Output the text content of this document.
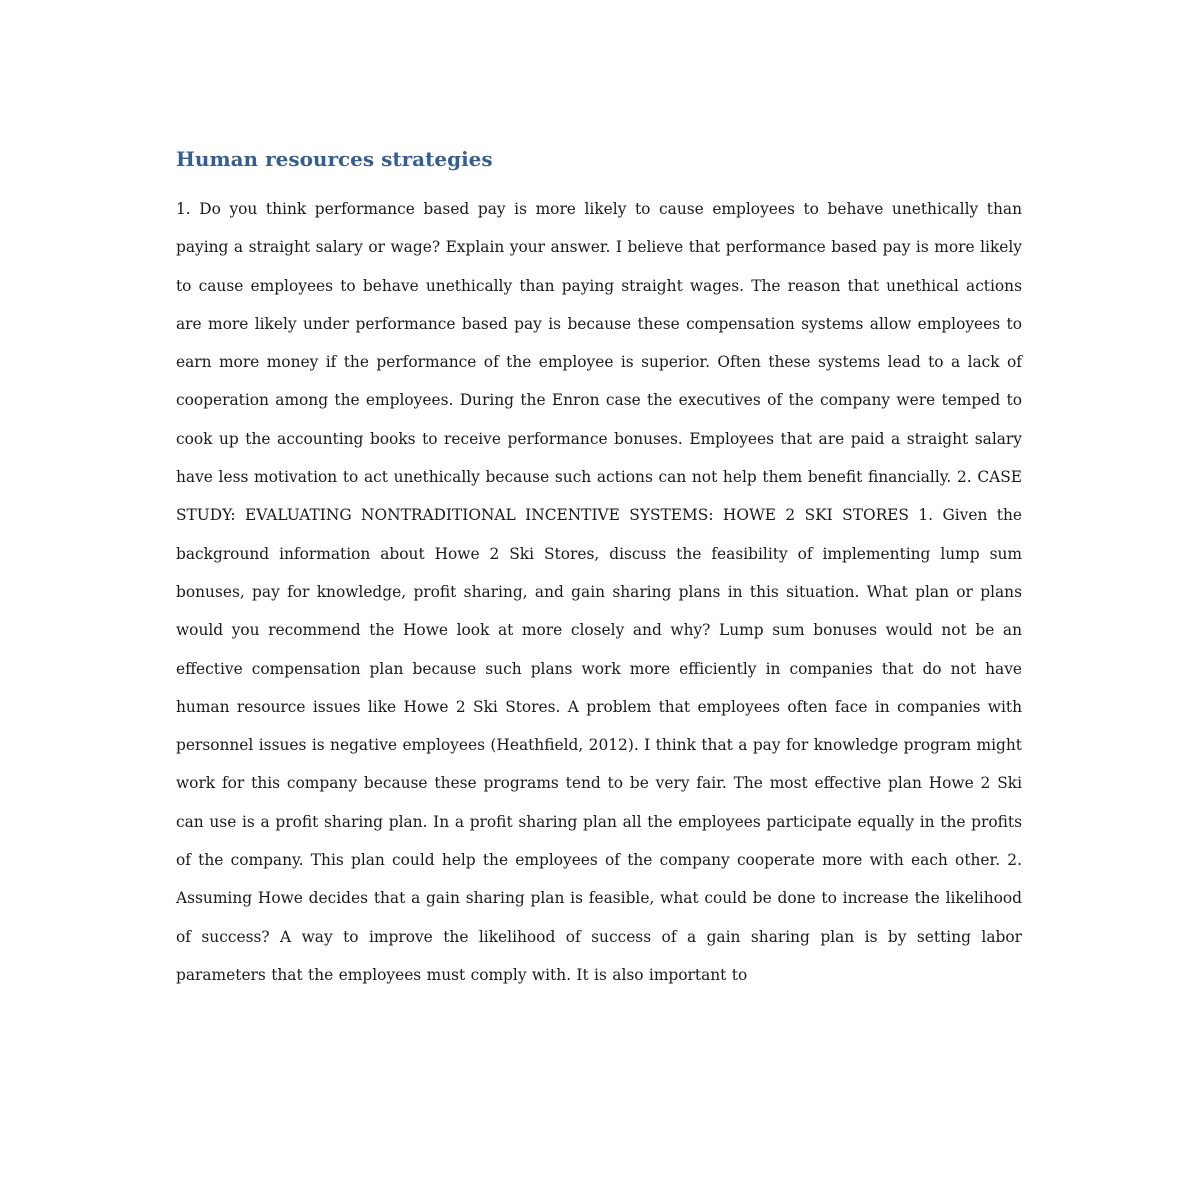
Human resources strategies

1. Do you think performance based pay is more likely to cause employees to behave unethically than paying a straight salary or wage? Explain your answer. I believe that performance based pay is more likely to cause employees to behave unethically than paying straight wages. The reason that unethical actions are more likely under performance based pay is because these compensation systems allow employees to earn more money if the performance of the employee is superior. Often these systems lead to a lack of cooperation among the employees. During the Enron case the executives of the company were temped to cook up the accounting books to receive performance bonuses. Employees that are paid a straight salary have less motivation to act unethically because such actions can not help them benefit financially. 2. CASE STUDY: EVALUATING NONTRADITIONAL INCENTIVE SYSTEMS: HOWE 2 SKI STORES 1. Given the background information about Howe 2 Ski Stores, discuss the feasibility of implementing lump sum bonuses, pay for knowledge, profit sharing, and gain sharing plans in this situation. What plan or plans would you recommend the Howe look at more closely and why? Lump sum bonuses would not be an effective compensation plan because such plans work more efficiently in companies that do not have human resource issues like Howe 2 Ski Stores. A problem that employees often face in companies with personnel issues is negative employees (Heathfield, 2012). I think that a pay for knowledge program might work for this company because these programs tend to be very fair. The most effective plan Howe 2 Ski can use is a profit sharing plan. In a profit sharing plan all the employees participate equally in the profits of the company. This plan could help the employees of the company cooperate more with each other. 2. Assuming Howe decides that a gain sharing plan is feasible, what could be done to increase the likelihood of success? A way to improve the likelihood of success of a gain sharing plan is by setting labor parameters that the employees must comply with. It is also important to
